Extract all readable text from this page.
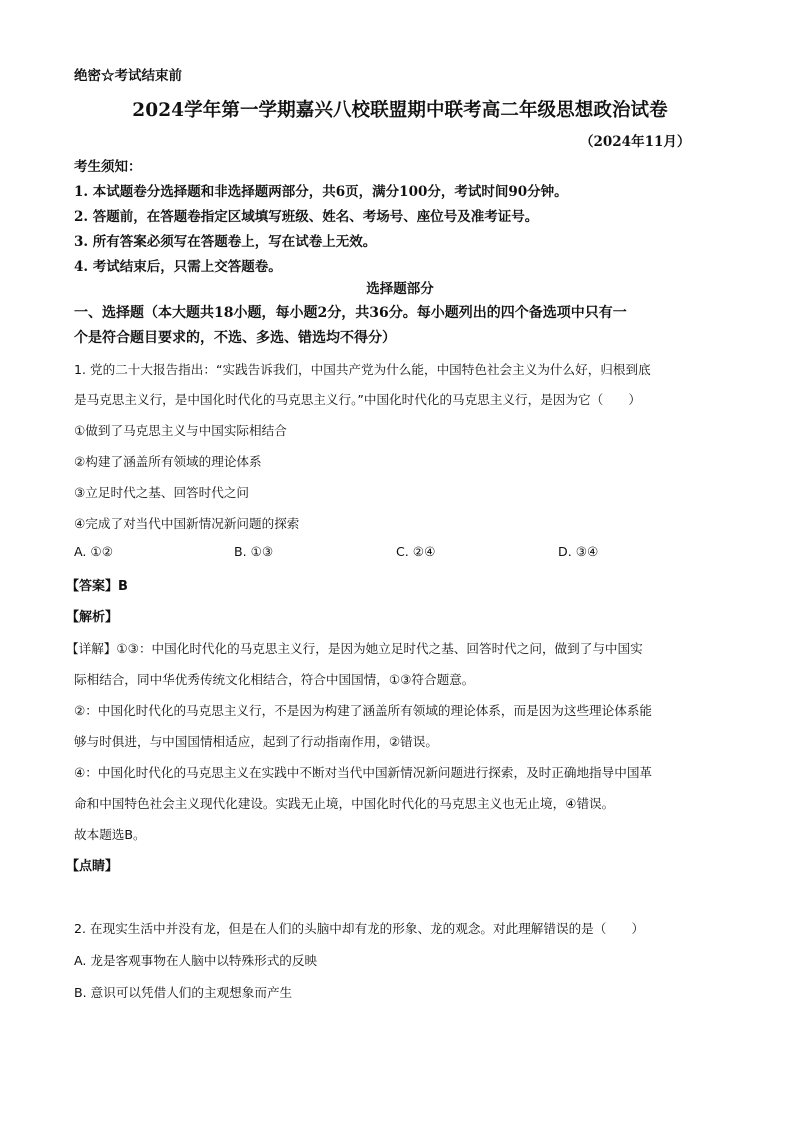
绝密☆考试结束前
2024学年第一学期嘉兴八校联盟期中联考高二年级思想政治试卷
（2024年11月）
考生须知：
1. 本试题卷分选择题和非选择题两部分，共6页，满分100分，考试时间90分钟。
2. 答题前，在答题卷指定区域填写班级、姓名、考场号、座位号及准考证号。
3. 所有答案必须写在答题卷上，写在试卷上无效。
4. 考试结束后，只需上交答题卷。
选择题部分
一、选择题（本大题共18小题，每小题2分，共36分。每小题列出的四个备选项中只有一
个是符合题目要求的，不选、多选、错选均不得分）
1. 党的二十大报告指出：“实践告诉我们，中国共产党为什么能，中国特色社会主义为什么好，归根到底
是马克思主义行，是中国化时代化的马克思主义行。”中国化时代化的马克思主义行，是因为它（　　）
①做到了马克思主义与中国实际相结合
②构建了涵盖所有领域的理论体系
③立足时代之基、回答时代之问
④完成了对当代中国新情况新问题的探索
A. ①②	B. ①③	C. ②④	D. ③④
【答案】B
【解析】
【详解】①③：中国化时代化的马克思主义行，是因为她立足时代之基、回答时代之问，做到了与中国实
际相结合，同中华优秀传统文化相结合，符合中国国情，①③符合题意。
②：中国化时代化的马克思主义行，不是因为构建了涵盖所有领域的理论体系，而是因为这些理论体系能
够与时俱进，与中国国情相适应，起到了行动指南作用，②错误。
④：中国化时代化的马克思主义在实践中不断对当代中国新情况新问题进行探索，及时正确地指导中国革
命和中国特色社会主义现代化建设。实践无止境，中国化时代化的马克思主义也无止境，④错误。
故本题选B。
【点睛】
2. 在现实生活中并没有龙，但是在人们的头脑中却有龙的形象、龙的观念。对此理解错误的是（　　）
A. 龙是客观事物在人脑中以特殊形式的反映
B. 意识可以凭借人们的主观想象而产生
